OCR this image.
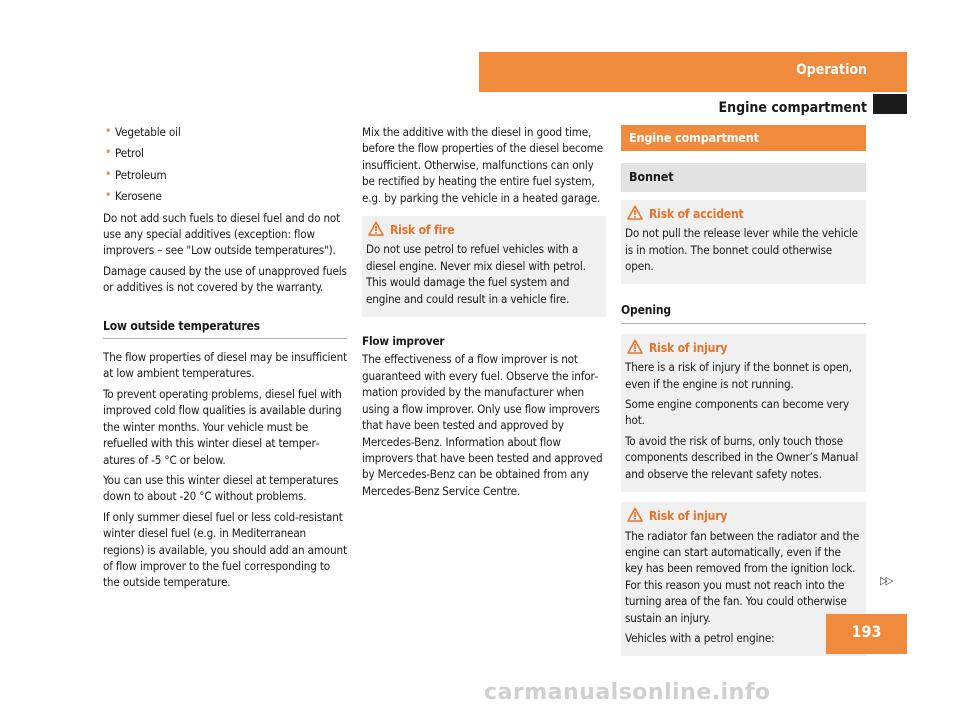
Operation
Engine compartment
• Vegetable oil
• Petrol
• Petroleum
• Kerosene

Do not add such fuels to diesel fuel and do not use any special additives (exception: flow improvers – see "Low outside temperatures").

Damage caused by the use of unapproved fuels or additives is not covered by the warranty.

Low outside temperatures

The flow properties of diesel may be insufficient at low ambient temperatures.

To prevent operating problems, diesel fuel with improved cold flow qualities is available during the winter months. Your vehicle must be refuelled with this winter diesel at temperatures of -5 °C or below.

You can use this winter diesel at temperatures down to about -20 °C without problems.

If only summer diesel fuel or less cold-resistant winter diesel fuel (e.g. in Mediterranean regions) is available, you should add an amount of flow improver to the fuel corresponding to the outside temperature.

Mix the additive with the diesel in good time, before the flow properties of the diesel become insufficient. Otherwise, malfunctions can only be rectified by heating the entire fuel system, e.g. by parking the vehicle in a heated garage.

Risk of fire

Do not use petrol to refuel vehicles with a diesel engine. Never mix diesel with petrol. This would damage the fuel system and engine and could result in a vehicle fire.

Flow improver

The effectiveness of a flow improver is not guaranteed with every fuel. Observe the information provided by the manufacturer when using a flow improver. Only use flow improvers that have been tested and approved by Mercedes-Benz. Information about flow improvers that have been tested and approved by Mercedes-Benz can be obtained from any Mercedes-Benz Service Centre.

Engine compartment
Bonnet
Risk of accident

Do not pull the release lever while the vehicle is in motion. The bonnet could otherwise open.

Opening
Risk of injury

There is a risk of injury if the bonnet is open, even if the engine is not running.

Some engine components can become very hot.

To avoid the risk of burns, only touch those components described in the Owner’s Manual and observe the relevant safety notes.

Risk of injury

The radiator fan between the radiator and the engine can start automatically, even if the key has been removed from the ignition lock. For this reason you must not reach into the turning area of the fan. You could otherwise sustain an injury.

Vehicles with a petrol engine:

▷▷
193
carmanualsonline.info
